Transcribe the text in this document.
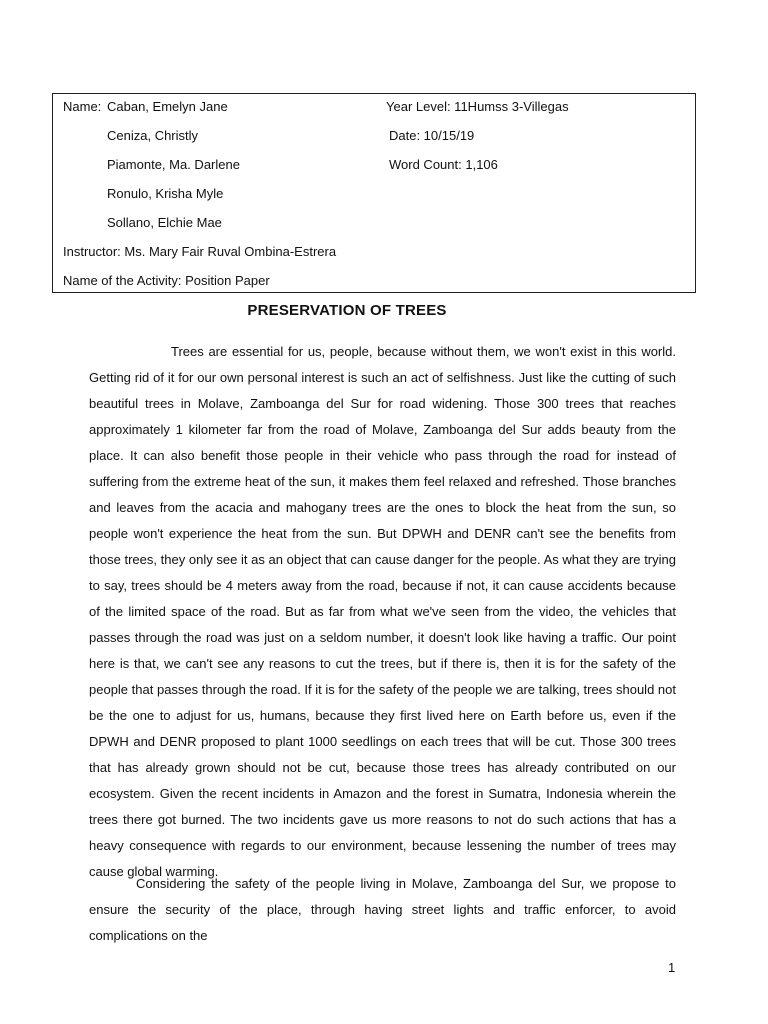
Name: Caban, Emelyn Jane
Ceniza, Christly
Piamonte, Ma. Darlene
Ronulo, Krisha Myle
Sollano, Elchie Mae
Year Level: 11Humss 3-Villegas
Date: 10/15/19
Word Count: 1,106
Instructor: Ms. Mary Fair Ruval Ombina-Estrera
Name of the Activity: Position Paper
PRESERVATION OF TREES

Trees are essential for us, people, because without them, we won't exist in this world. Getting rid of it for our own personal interest is such an act of selfishness. Just like the cutting of such beautiful trees in Molave, Zamboanga del Sur for road widening. Those 300 trees that reaches approximately 1 kilometer far from the road of Molave, Zamboanga del Sur adds beauty from the place. It can also benefit those people in their vehicle who pass through the road for instead of suffering from the extreme heat of the sun, it makes them feel relaxed and refreshed. Those branches and leaves from the acacia and mahogany trees are the ones to block the heat from the sun, so people won't experience the heat from the sun. But DPWH and DENR can't see the benefits from those trees, they only see it as an object that can cause danger for the people. As what they are trying to say, trees should be 4 meters away from the road, because if not, it can cause accidents because of the limited space of the road. But as far from what we've seen from the video, the vehicles that passes through the road was just on a seldom number, it doesn't look like having a traffic. Our point here is that, we can't see any reasons to cut the trees, but if there is, then it is for the safety of the people that passes through the road. If it is for the safety of the people we are talking, trees should not be the one to adjust for us, humans, because they first lived here on Earth before us, even if the DPWH and DENR proposed to plant 1000 seedlings on each trees that will be cut. Those 300 trees that has already grown should not be cut, because those trees has already contributed on our ecosystem. Given the recent incidents in Amazon and the forest in Sumatra, Indonesia wherein the trees there got burned. The two incidents gave us more reasons to not do such actions that has a heavy consequence with regards to our environment, because lessening the number of trees may cause global warming.

Considering the safety of the people living in Molave, Zamboanga del Sur, we propose to ensure the security of the place, through having street lights and traffic enforcer, to avoid complications on the

1
